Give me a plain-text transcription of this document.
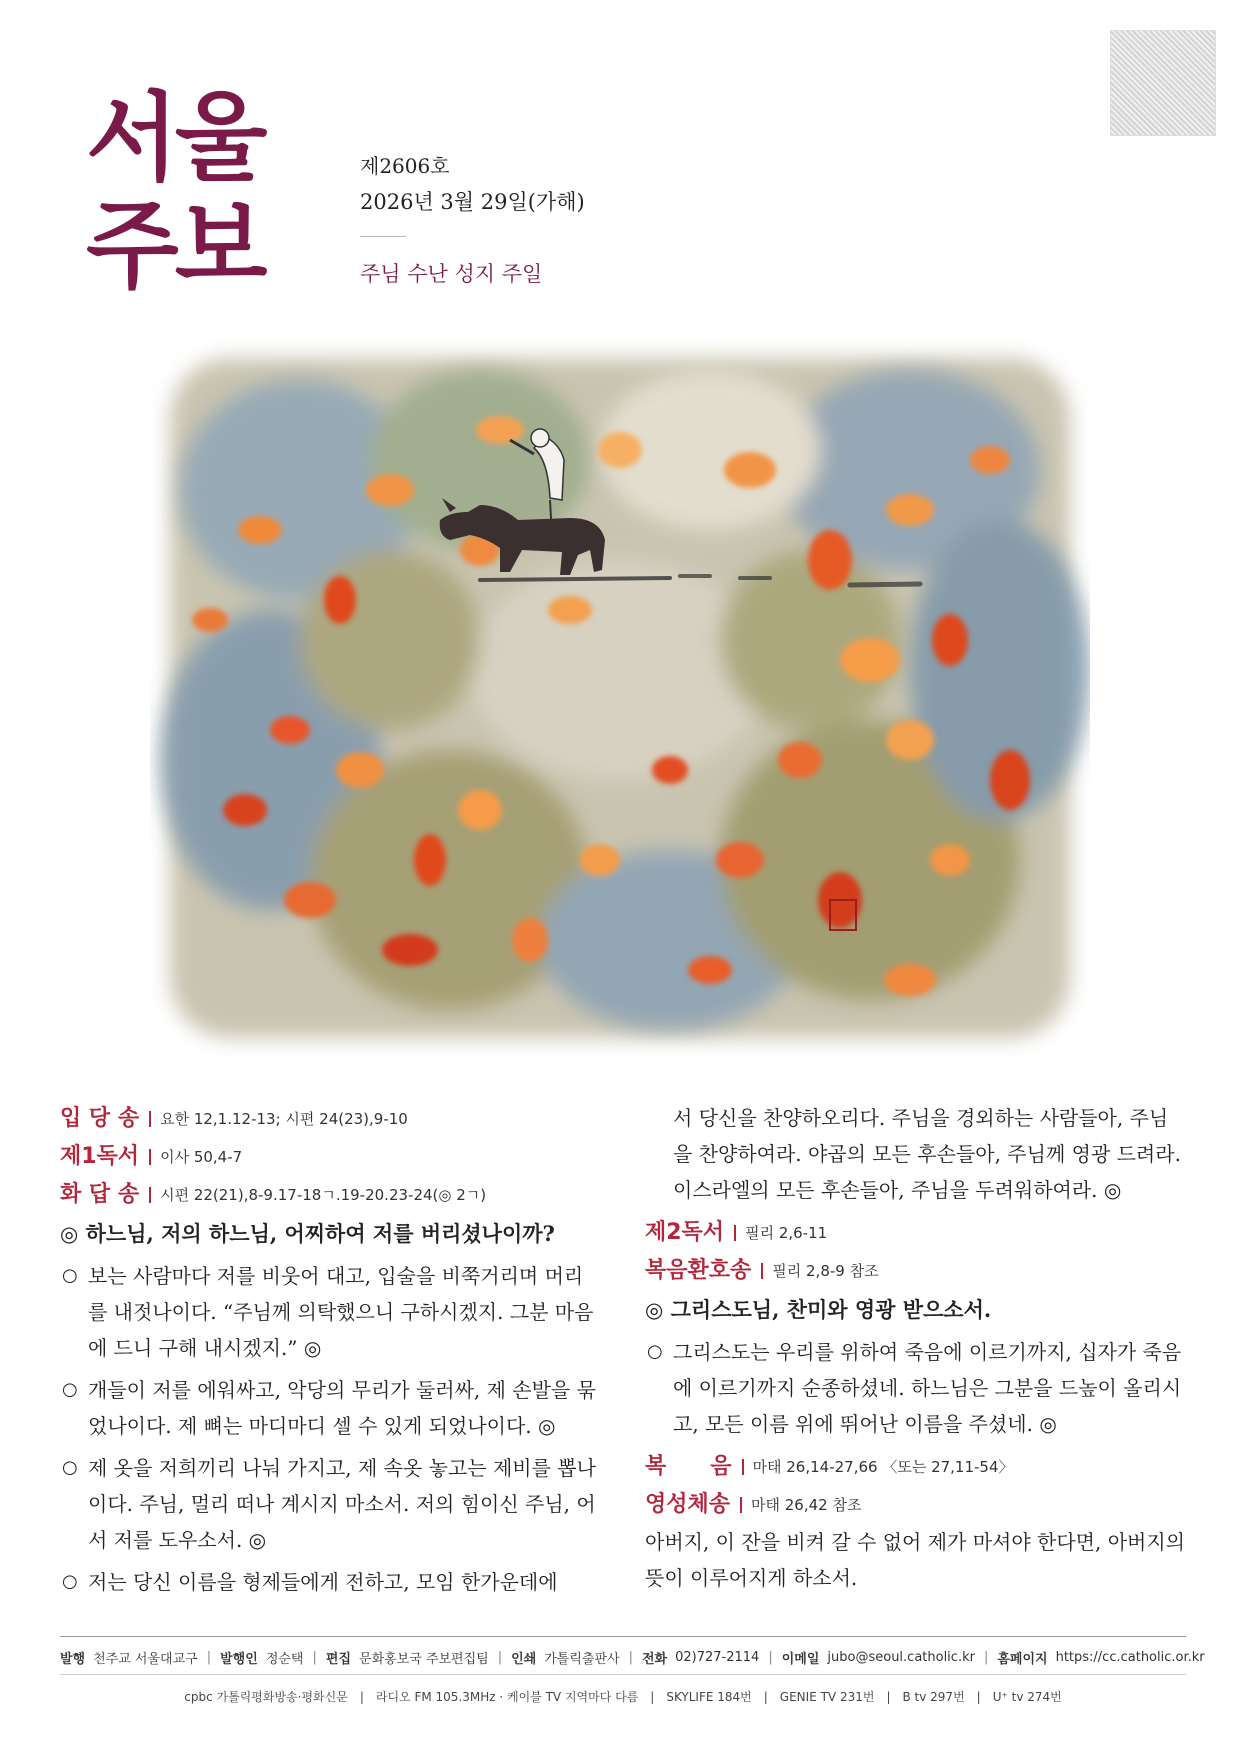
서울
주보
제2606호
2026년 3월 29일(가해)
주님 수난 성지 주일
입 당 송 요한 12,1.12-13; 시편 24(23),9-10
제1독서 이사 50,4-7
화 답 송 시편 22(21),8-9.17-18ㄱ.19-20.23-24(◎ 2ㄱ)
◎ 하느님, 저의 하느님, 어찌하여 저를 버리셨나이까?
○ 보는 사람마다 저를 비웃어 대고, 입술을 비쭉거리며 머리를 내젓나이다. “주님께 의탁했으니 구하시겠지. 그분 마음에 드니 구해 내시겠지.” ◎
○ 개들이 저를 에워싸고, 악당의 무리가 둘러싸, 제 손발을 묶었나이다. 제 뼈는 마디마디 셀 수 있게 되었나이다. ◎
○ 제 옷을 저희끼리 나눠 가지고, 제 속옷 놓고는 제비를 뽑나이다. 주님, 멀리 떠나 계시지 마소서. 저의 힘이신 주님, 어서 저를 도우소서. ◎
○ 저는 당신 이름을 형제들에게 전하고, 모임 한가운데에
서 당신을 찬양하오리다. 주님을 경외하는 사람들아, 주님을 찬양하여라. 야곱의 모든 후손들아, 주님께 영광 드려라. 이스라엘의 모든 후손들아, 주님을 두려워하여라. ◎
제2독서 필리 2,6-11
복음환호송 필리 2,8-9 참조
◎ 그리스도님, 찬미와 영광 받으소서.
○ 그리스도는 우리를 위하여 죽음에 이르기까지, 십자가 죽음에 이르기까지 순종하셨네. 하느님은 그분을 드높이 올리시고, 모든 이름 위에 뛰어난 이름을 주셨네. ◎
복　　음 마태 26,14-27,66 〈또는 27,11-54〉
영성체송 마태 26,42 참조
아버지, 이 잔을 비켜 갈 수 없어 제가 마셔야 한다면, 아버지의 뜻이 이루어지게 하소서.
발행 천주교 서울대교구 | 발행인 정순택 | 편집 문화홍보국 주보편집팀 | 인쇄 가톨릭출판사 | 전화 02)727-2114 | 이메일 jubo@seoul.catholic.kr | 홈페이지 https://cc.catholic.or.kr
cpbc 가톨릭평화방송·평화신문　|　라디오 FM 105.3MHz · 케이블 TV 지역마다 다름　|　SKYLIFE 184번　|　GENIE TV 231번　|　B tv 297번　|　U⁺ tv 274번
